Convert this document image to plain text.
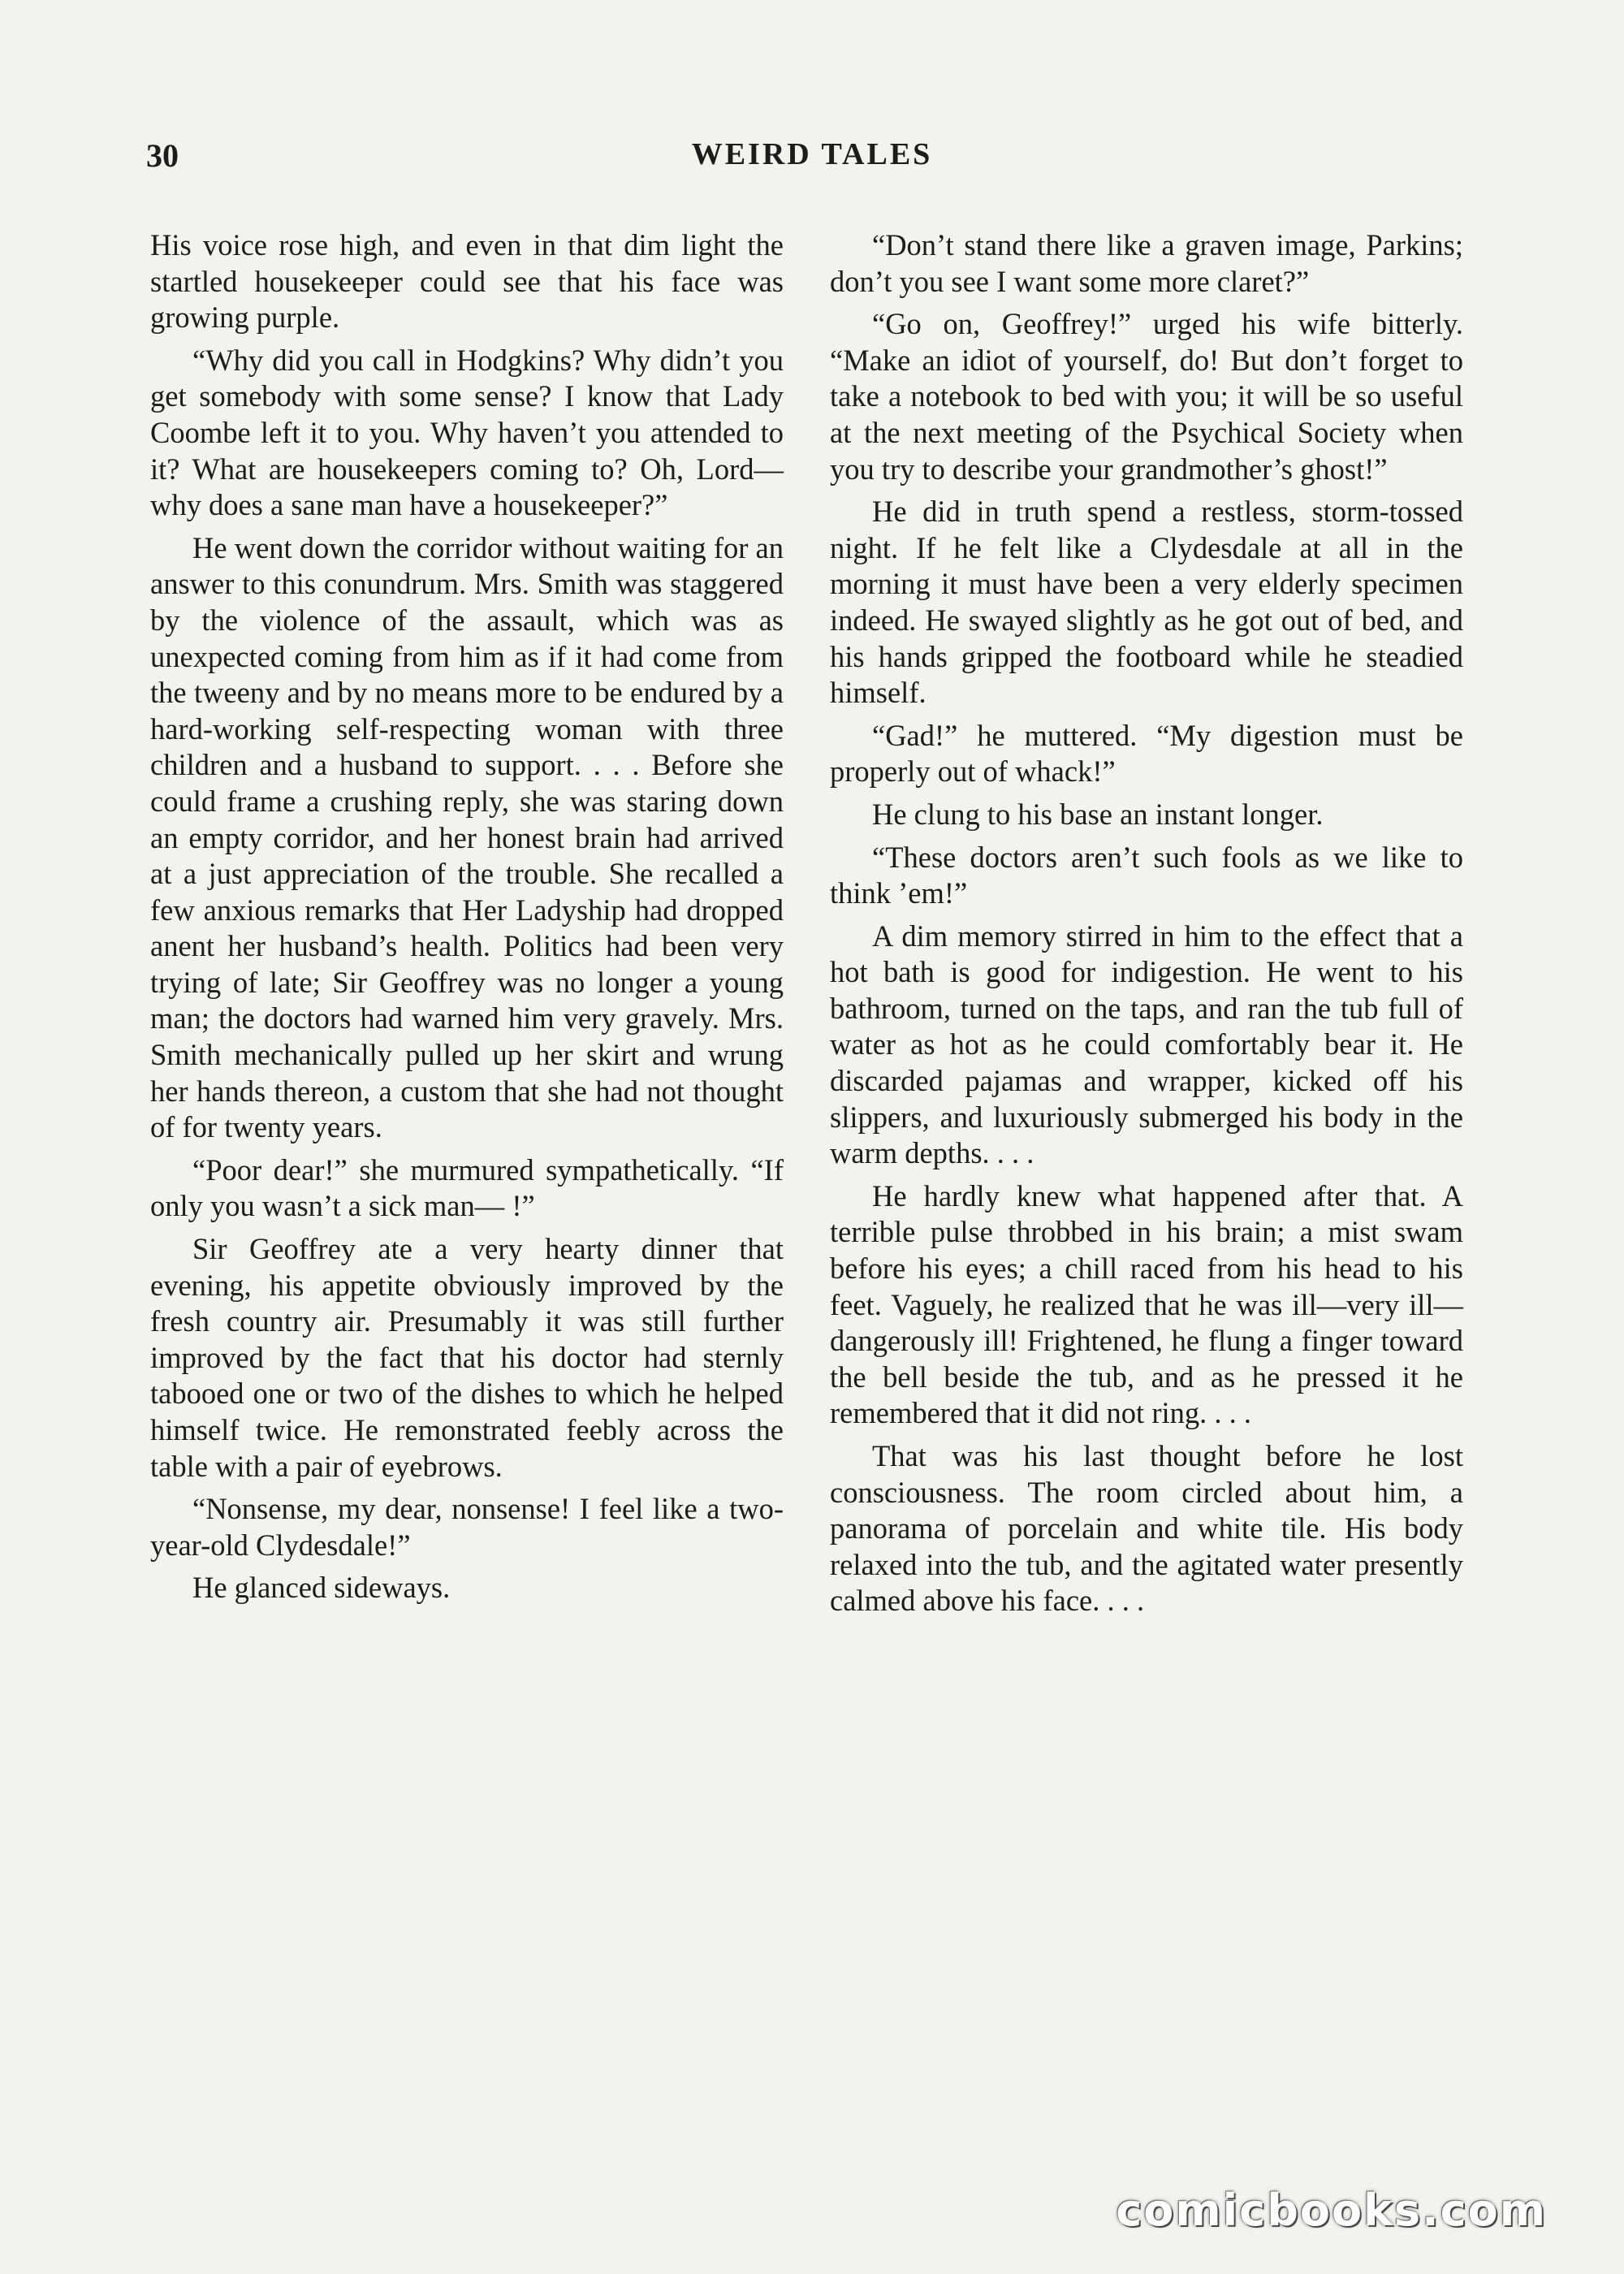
30	WEIRD TALES

His voice rose high, and even in that dim light the startled housekeeper could see that his face was growing purple.

“Why did you call in Hodgkins? Why didn’t you get somebody with some sense? I know that Lady Coombe left it to you. Why haven’t you attended to it? What are housekeepers coming to? Oh, Lord—why does a sane man have a housekeeper?”

He went down the corridor without waiting for an answer to this conundrum. Mrs. Smith was staggered by the violence of the assault, which was as unexpected coming from him as if it had come from the tweeny and by no means more to be endured by a hard-working self-respecting woman with three children and a husband to support. . . . Before she could frame a crushing reply, she was staring down an empty corridor, and her honest brain had arrived at a just appreciation of the trouble. She recalled a few anxious remarks that Her Ladyship had dropped anent her husband’s health. Politics had been very trying of late; Sir Geoffrey was no longer a young man; the doctors had warned him very gravely. Mrs. Smith mechanically pulled up her skirt and wrung her hands thereon, a custom that she had not thought of for twenty years.

“Poor dear!” she murmured sympathetically. “If only you wasn’t a sick man— !”

Sir Geoffrey ate a very hearty dinner that evening, his appetite obviously improved by the fresh country air. Presumably it was still further improved by the fact that his doctor had sternly tabooed one or two of the dishes to which he helped himself twice. He remonstrated feebly across the table with a pair of eyebrows.

“Nonsense, my dear, nonsense! I feel like a two-year-old Clydesdale!”

He glanced sideways.

“Don’t stand there like a graven image, Parkins; don’t you see I want some more claret?”

“Go on, Geoffrey!” urged his wife bitterly. “Make an idiot of yourself, do! But don’t forget to take a notebook to bed with you; it will be so useful at the next meeting of the Psychical Society when you try to describe your grandmother’s ghost!”

He did in truth spend a restless, storm-tossed night. If he felt like a Clydesdale at all in the morning it must have been a very elderly specimen indeed. He swayed slightly as he got out of bed, and his hands gripped the footboard while he steadied himself.

“Gad!” he muttered. “My digestion must be properly out of whack!”

He clung to his base an instant longer.

“These doctors aren’t such fools as we like to think ’em!”

A dim memory stirred in him to the effect that a hot bath is good for indigestion. He went to his bathroom, turned on the taps, and ran the tub full of water as hot as he could comfortably bear it. He discarded pajamas and wrapper, kicked off his slippers, and luxuriously submerged his body in the warm depths. . . .

He hardly knew what happened after that. A terrible pulse throbbed in his brain; a mist swam before his eyes; a chill raced from his head to his feet. Vaguely, he realized that he was ill—very ill—dangerously ill! Frightened, he flung a finger toward the bell beside the tub, and as he pressed it he remembered that it did not ring. . . .

That was his last thought before he lost consciousness. The room circled about him, a panorama of porcelain and white tile. His body relaxed into the tub, and the agitated water presently calmed above his face. . . .

comicbooks.com
